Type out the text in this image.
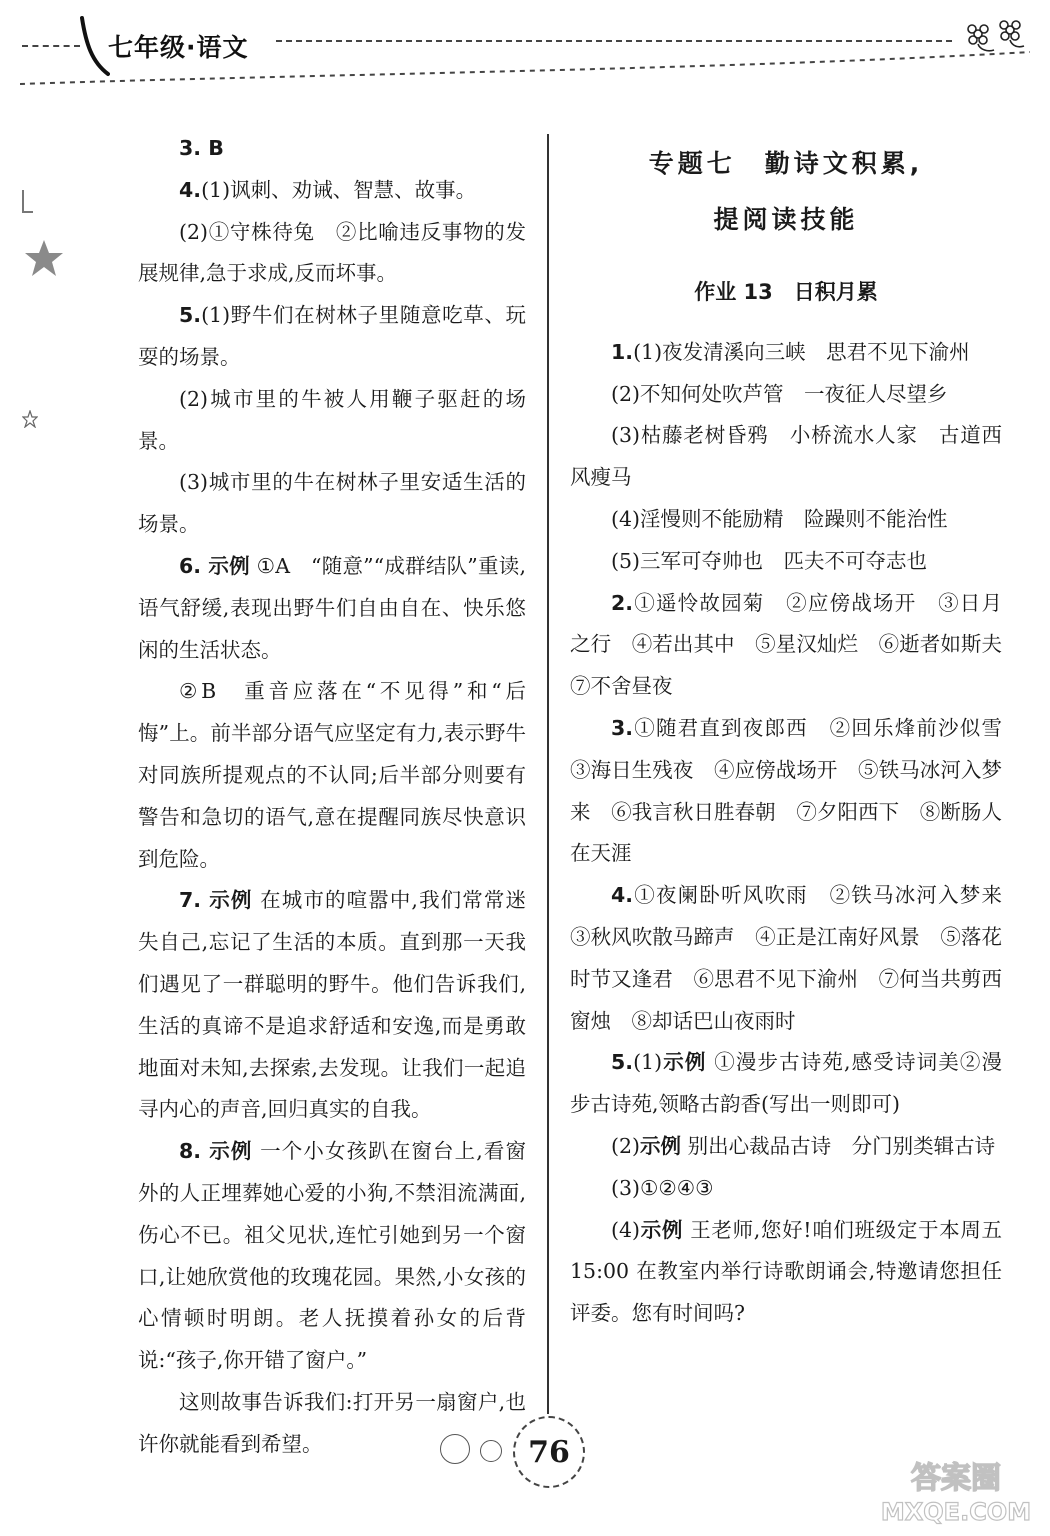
七年级·语文

3. B

4.(1)讽刺、劝诫、智慧、故事。

(2)①守株待兔　②比喻违反事物的发展规律,急于求成,反而坏事。

5.(1)野牛们在树林子里随意吃草、玩耍的场景。

(2)城市里的牛被人用鞭子驱赶的场景。

(3)城市里的牛在树林子里安适生活的场景。

6. 示例 ①A　“随意”“成群结队”重读,语气舒缓,表现出野牛们自由自在、快乐悠闲的生活状态。

②B　重音应落在“不见得”和“后悔”上。前半部分语气应坚定有力,表示野牛对同族所提观点的不认同;后半部分则要有警告和急切的语气,意在提醒同族尽快意识到危险。

7. 示例 在城市的喧嚣中,我们常常迷失自己,忘记了生活的本质。直到那一天我们遇见了一群聪明的野牛。他们告诉我们,生活的真谛不是追求舒适和安逸,而是勇敢地面对未知,去探索,去发现。让我们一起追寻内心的声音,回归真实的自我。

8. 示例 一个小女孩趴在窗台上,看窗外的人正埋葬她心爱的小狗,不禁泪流满面,伤心不已。祖父见状,连忙引她到另一个窗口,让她欣赏他的玫瑰花园。果然,小女孩的心情顿时明朗。老人抚摸着孙女的后背说:“孩子,你开错了窗户。”

这则故事告诉我们:打开另一扇窗户,也许你就能看到希望。

专题七　勤诗文积累,
提阅读技能
作业 13　日积月累

1.(1)夜发清溪向三峡　思君不见下渝州

(2)不知何处吹芦管　一夜征人尽望乡

(3)枯藤老树昏鸦　小桥流水人家　古道西风瘦马

(4)淫慢则不能励精　险躁则不能治性

(5)三军可夺帅也　匹夫不可夺志也

2.①遥怜故园菊　②应傍战场开　③日月之行　④若出其中　⑤星汉灿烂　⑥逝者如斯夫　⑦不舍昼夜

3.①随君直到夜郎西　②回乐烽前沙似雪　③海日生残夜　④应傍战场开　⑤铁马冰河入梦来　⑥我言秋日胜春朝　⑦夕阳西下　⑧断肠人在天涯

4.①夜阑卧听风吹雨　②铁马冰河入梦来　③秋风吹散马蹄声　④正是江南好风景　⑤落花时节又逢君　⑥思君不见下渝州　⑦何当共剪西窗烛　⑧却话巴山夜雨时

5.(1)示例 ①漫步古诗苑,感受诗词美②漫步古诗苑,领略古韵香(写出一则即可)

(2)示例 别出心裁品古诗　分门别类辑古诗

(3)①②④③

(4)示例 王老师,您好!咱们班级定于本周五 15:00 在教室内举行诗歌朗诵会,特邀请您担任评委。您有时间吗?

76
答案圈
MXQE.COM
